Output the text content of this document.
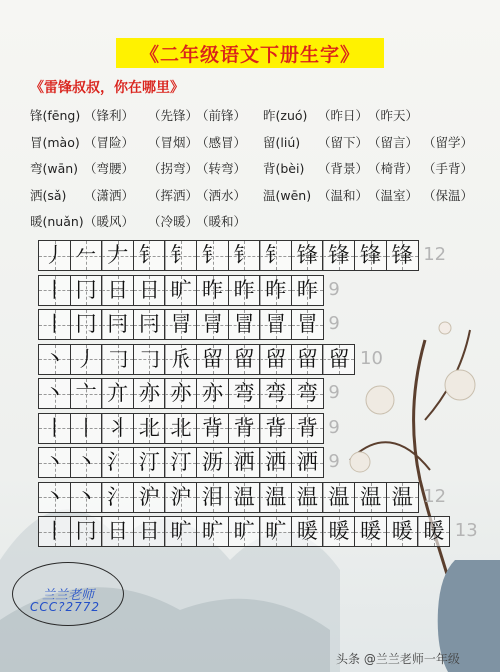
《二年级语文下册生字》
《雷锋叔叔，你在哪里》
锋(fēng) （锋利） （先锋）
（前锋）
冒(mào) （冒险） （冒烟）
（感冒）
弯(wān) （弯腰） （拐弯）
（转弯）
洒(sǎ) （潇洒） （挥洒）
（洒水）
暖(nuǎn) （暖风） （冷暖）
（暖和）
昨(zuó) （昨日） （昨天）
留(liú) （留下） （留言） （留学）
背(bèi) （背景） （椅背） （手背）
温(wēn) （温和） （温室） （保温）
丿 𠂉 𠂇 钅 钅 钅 钅 钅 锋 锋 锋 锋 12
丨 冂 日 日 旷 昨 昨 昨 昨 9
丨 冂 冃 冃 冐 冐 冒 冒 冒 9
丶 丿 𠃌 𠃌 𠂢 留 留 留 留 留 10
丶 亠 亣 亦 亦 亦 弯 弯 弯 9
丨 丨 丬 北 北 背 背 背 背 9
丶 丶 氵 汀 汀 沥 洒 洒 洒 9
丶 丶 氵 沪 沪 泪 温 温 温 温 温 温 12
丨 冂 日 日 旷 旷 旷 旷 暖 暖 暖 暖 暖 13
兰兰老师
CCC?2772
头条 @兰兰老师一年级
